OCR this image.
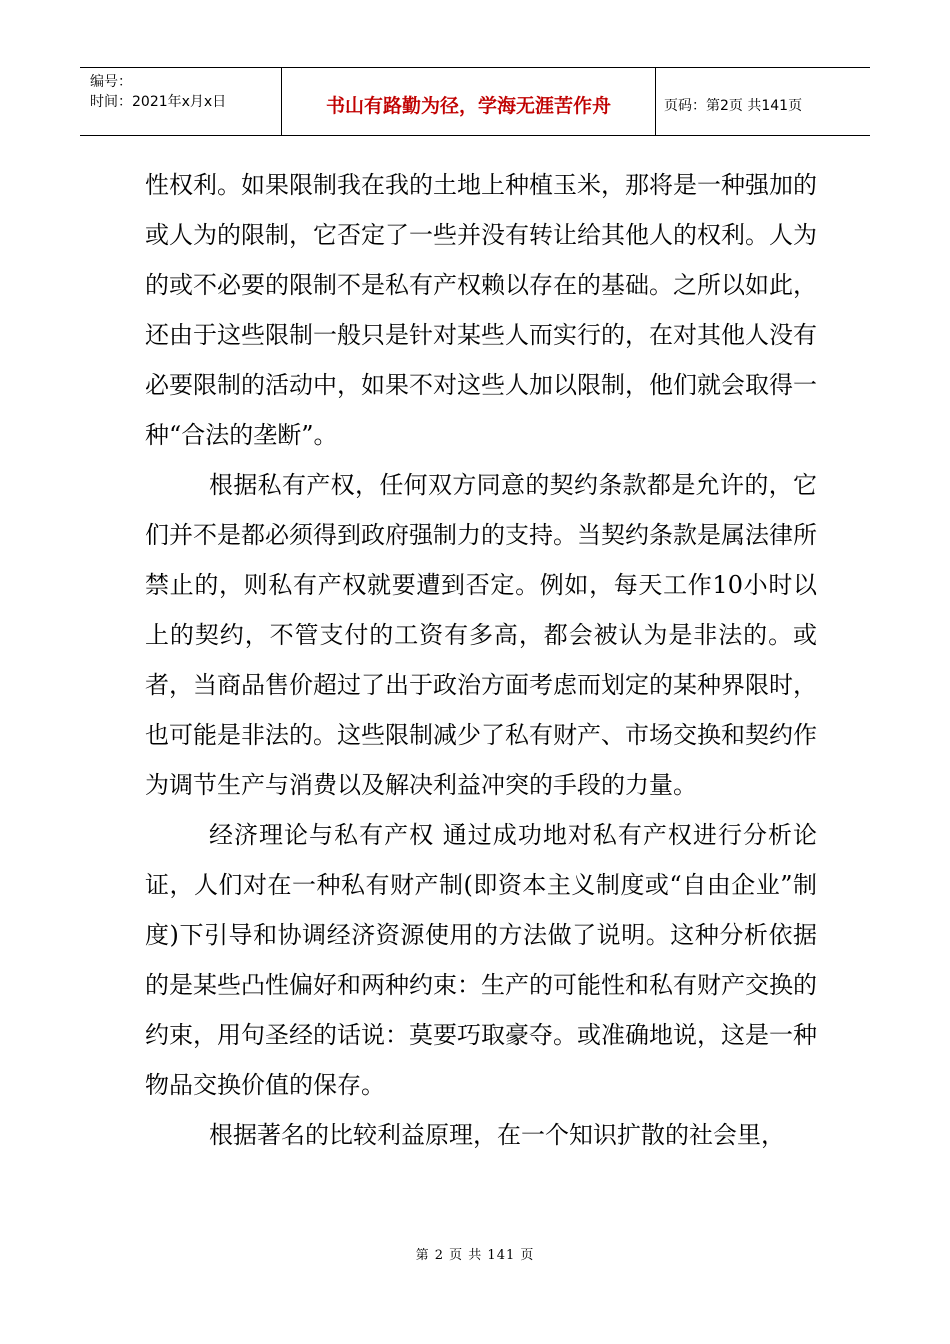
编号：
时间：2021年x月x日	书山有路勤为径，学海无涯苦作舟	页码：第2页 共141页

性权利。如果限制我在我的土地上种植玉米，那将是一种强加的或人为的限制，它否定了一些并没有转让给其他人的权利。人为的或不必要的限制不是私有产权赖以存在的基础。之所以如此，还由于这些限制一般只是针对某些人而实行的，在对其他人没有必要限制的活动中，如果不对这些人加以限制，他们就会取得一种“合法的垄断”。

根据私有产权，任何双方同意的契约条款都是允许的，它们并不是都必须得到政府强制力的支持。当契约条款是属法律所禁止的，则私有产权就要遭到否定。例如，每天工作10小时以上的契约，不管支付的工资有多高，都会被认为是非法的。或者，当商品售价超过了出于政治方面考虑而划定的某种界限时，也可能是非法的。这些限制减少了私有财产、市场交换和契约作为调节生产与消费以及解决利益冲突的手段的力量。

经济理论与私有产权 通过成功地对私有产权进行分析论证，人们对在一种私有财产制(即资本主义制度或“自由企业”制度)下引导和协调经济资源使用的方法做了说明。这种分析依据的是某些凸性偏好和两种约束：生产的可能性和私有财产交换的约束，用句圣经的话说：莫要巧取豪夺。或准确地说，这是一种物品交换价值的保存。

根据著名的比较利益原理，在一个知识扩散的社会里，

第 2 页 共 141 页
